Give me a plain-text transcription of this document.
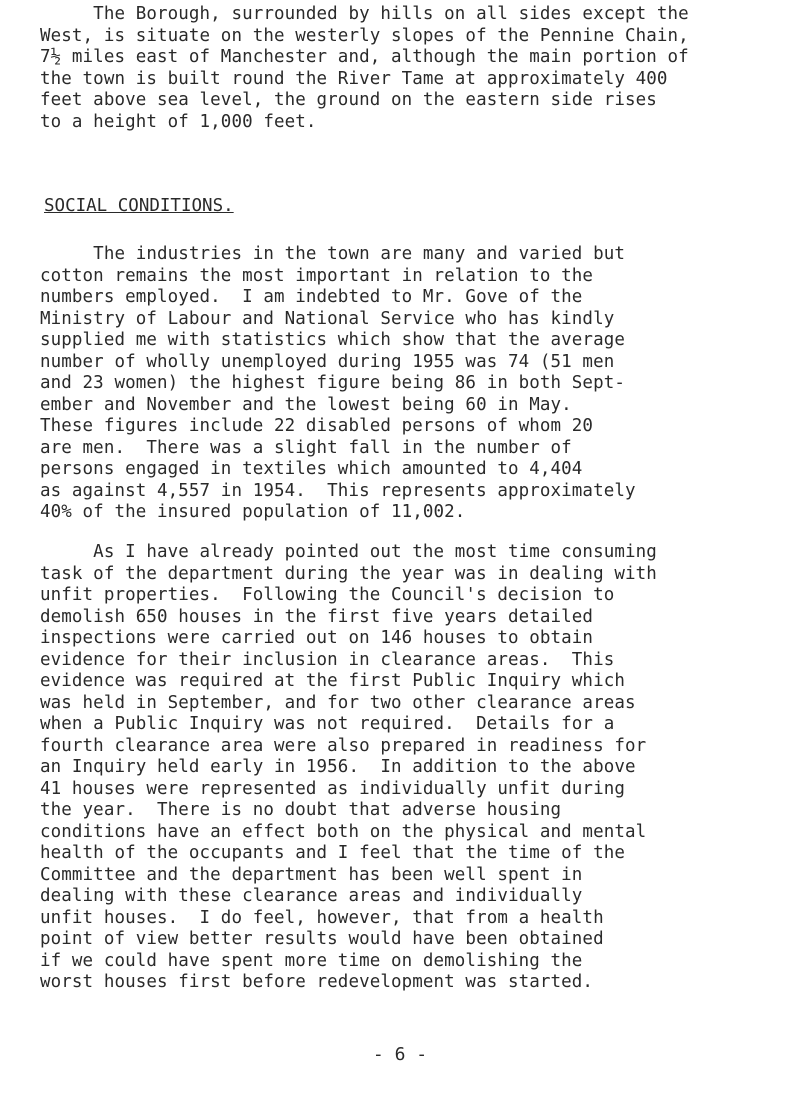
The Borough, surrounded by hills on all sides except the
West, is situate on the westerly slopes of the Pennine Chain,
7½ miles east of Manchester and, although the main portion of
the town is built round the River Tame at approximately 400
feet above sea level, the ground on the eastern side rises
to a height of 1,000 feet.
SOCIAL CONDITIONS.
The industries in the town are many and varied but
cotton remains the most important in relation to the
numbers employed.  I am indebted to Mr. Gove of the
Ministry of Labour and National Service who has kindly
supplied me with statistics which show that the average
number of wholly unemployed during 1955 was 74 (51 men
and 23 women) the highest figure being 86 in both Sept-
ember and November and the lowest being 60 in May.
These figures include 22 disabled persons of whom 20
are men.  There was a slight fall in the number of
persons engaged in textiles which amounted to 4,404
as against 4,557 in 1954.  This represents approximately
40% of the insured population of 11,002.
As I have already pointed out the most time consuming
task of the department during the year was in dealing with
unfit properties.  Following the Council's decision to
demolish 650 houses in the first five years detailed
inspections were carried out on 146 houses to obtain
evidence for their inclusion in clearance areas.  This
evidence was required at the first Public Inquiry which
was held in September, and for two other clearance areas
when a Public Inquiry was not required.  Details for a
fourth clearance area were also prepared in readiness for
an Inquiry held early in 1956.  In addition to the above
41 houses were represented as individually unfit during
the year.  There is no doubt that adverse housing
conditions have an effect both on the physical and mental
health of the occupants and I feel that the time of the
Committee and the department has been well spent in
dealing with these clearance areas and individually
unfit houses.  I do feel, however, that from a health
point of view better results would have been obtained
if we could have spent more time on demolishing the
worst houses first before redevelopment was started.
- 6 -
